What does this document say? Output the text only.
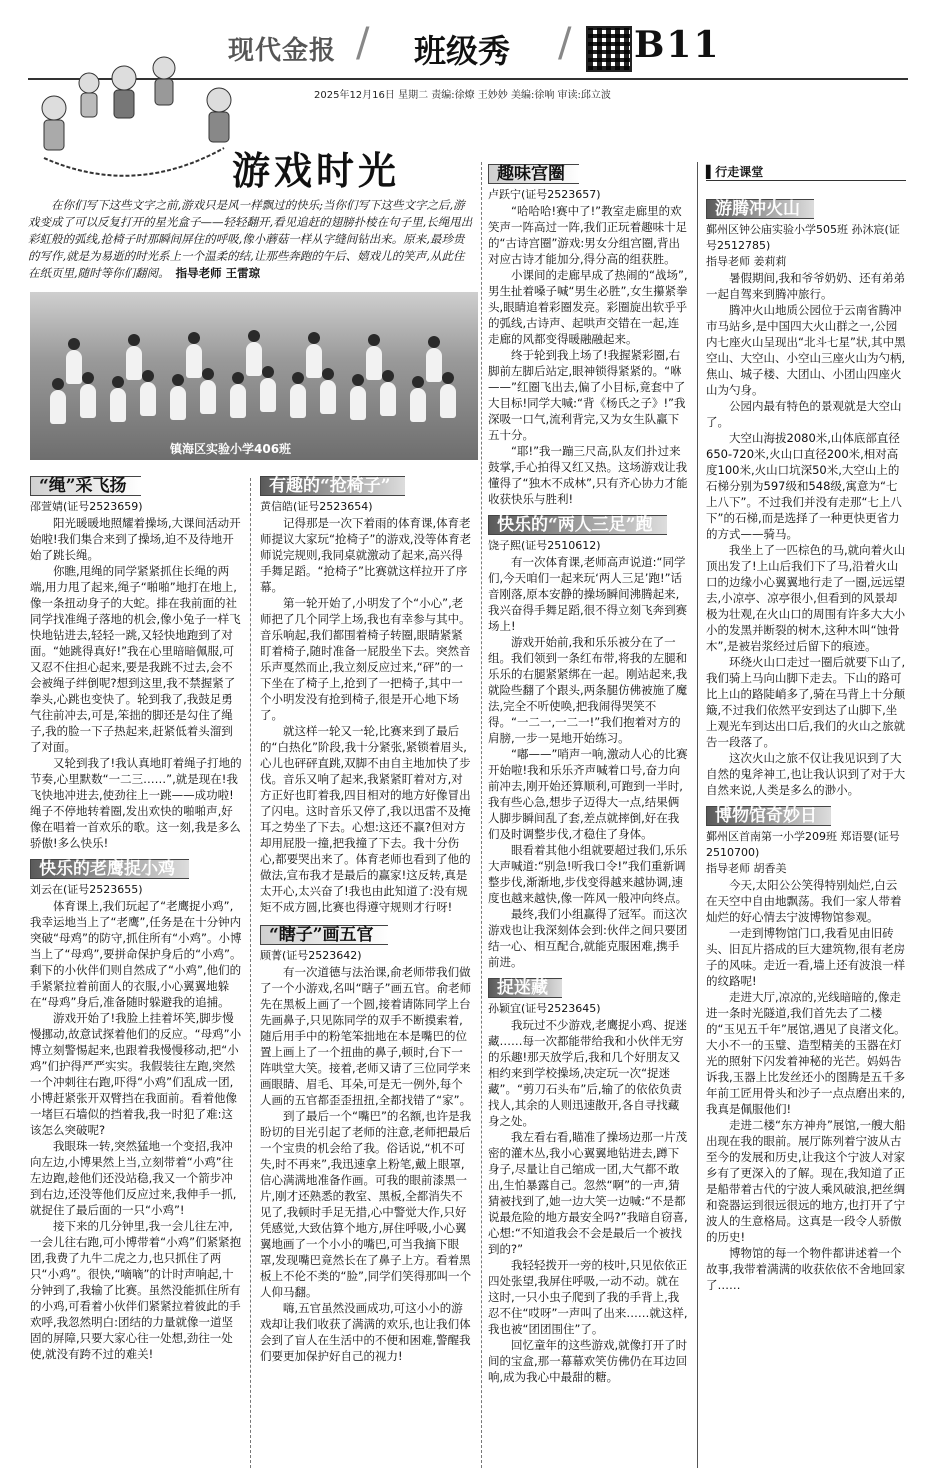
现代金报 / 班级秀 / B11
2025年12月16日 星期二 责编:徐燎 王妙妙 美编:徐响 审读:邱立波
游戏时光
在你们写下这些文字之前,游戏只是风一样飘过的快乐;当你们写下这些文字之后,游戏变成了可以反复打开的星光盒子——轻轻翻开,看见追赶的翅膀扑棱在句子里,长绳甩出彩虹般的弧线,抢椅子时那瞬间屏住的呼吸,像小蘑菇一样从字缝间钻出来。原来,最珍贵的写作,就是为易逝的时光系上一个温柔的结,让那些奔跑的午后、嬉戏儿的笑声,从此住在纸页里,随时等你们翻阅。 指导老师 王雷琼
镇海区实验小学406班
“绳”采飞扬

邵萱婧(证号2523659)

阳光暖暖地照耀着操场,大课间活动开始啦!我们集合来到了操场,迫不及待地开始了跳长绳。

你瞧,甩绳的同学紧紧抓住长绳的两端,用力甩了起来,绳子“啪啪”地打在地上,像一条扭动身子的大蛇。排在我前面的社同学找准绳子落地的机会,像小兔子一样飞快地钻进去,轻轻一跳,又轻快地跑到了对面。“她跳得真好!”我在心里暗暗佩服,可又忍不住担心起来,要是我跳不过去,会不会被绳子绊倒呢?想到这里,我不禁握紧了拳头,心跳也变快了。轮到我了,我鼓足勇气往前冲去,可是,笨拙的脚还是勾住了绳子,我的脸一下子热起来,赶紧低着头溜到了对面。

又轮到我了!我认真地盯着绳子打地的节奏,心里默数“一二三……”,就是现在!我飞快地冲进去,使劲往上一跳——成功啦!绳子不停地转着圈,发出欢快的啪啪声,好像在唱着一首欢乐的歌。这一刻,我是多么骄傲!多么快乐!

快乐的老鹰捉小鸡

刘云在(证号2523655)

体育课上,我们玩起了“老鹰捉小鸡”,我幸运地当上了“老鹰”,任务是在十分钟内突破“母鸡”的防守,抓住所有“小鸡”。小博当上了“母鸡”,要拼命保护身后的“小鸡”。剩下的小伙伴们则自然成了“小鸡”,他们的手紧紧拉着前面人的衣服,小心翼翼地躲在“母鸡”身后,准备随时躲避我的追捕。

游戏开始了!我脸上挂着坏笑,脚步慢慢挪动,故意试探着他们的反应。“母鸡”小博立刻警惕起来,也跟着我慢慢移动,把“小鸡”们护得严严实实。我假装往左跑,突然一个冲刺往右跑,吓得“小鸡”们乱成一团,小博赶紧张开双臂挡在我面前。看着他像一堵巨石墙似的挡着我,我一时犯了难:这该怎么突破呢?

我眼珠一转,突然猛地一个变招,我冲向左边,小博果然上当,立刻带着“小鸡”往左边跑,趁他们还没站稳,我又一个箭步冲到右边,还没等他们反应过来,我伸手一抓,就捉住了最后面的一只“小鸡”!

接下来的几分钟里,我一会儿往左冲,一会儿往右跑,可小博带着“小鸡”们紧紧抱团,我费了九牛二虎之力,也只抓住了两只“小鸡”。很快,“嘀嘀”的计时声响起,十分钟到了,我输了比赛。虽然没能抓住所有的小鸡,可看着小伙伴们紧紧拉着彼此的手欢呼,我忽然明白:团结的力量就像一道坚固的屏障,只要大家心往一处想,劲往一处使,就没有跨不过的难关!

有趣的“抢椅子”

黄信皓(证号2523654)

记得那是一次下着雨的体育课,体育老师提议大家玩“抢椅子”的游戏,没等体育老师说完规则,我同桌就激动了起来,高兴得手舞足蹈。“抢椅子”比赛就这样拉开了序幕。

第一轮开始了,小明发了个“小心”,老师把了几个同学上场,我也有幸参与其中。音乐响起,我们都围着椅子转圈,眼睛紧紧盯着椅子,随时准备一屁股坐下去。突然音乐声戛然而止,我立刻反应过来,“砰”的一下坐在了椅子上,抢到了一把椅子,其中一个小明发没有抢到椅子,很是开心地下场了。

就这样一轮又一轮,比赛来到了最后的“白热化”阶段,我十分紧张,紧锁着眉头,心儿也砰砰直跳,双脚不由自主地加快了步伐。音乐又响了起来,我紧紧盯着对方,对方正好也盯着我,四目相对的地方好像冒出了闪电。这时音乐又停了,我以迅雷不及掩耳之势坐了下去。心想:这还不赢?但对方却用屁股一撞,把我撞了下去。我十分伤心,都要哭出来了。体育老师也看到了他的做法,宣布我才是最后的赢家!这反转,真是太开心,太兴奋了!我也由此知道了:没有规矩不成方圆,比赛也得遵守规则才行呀!

“瞎子”画五官

顾菁(证号2523642)

有一次道德与法治课,俞老师带我们做了一个小游戏,名叫“瞎子”画五官。俞老师先在黑板上画了一个圆,接着请陈同学上台先画鼻子,只见陈同学的双手不断摸索着,随后用手中的粉笔笨拙地在本是嘴巴的位置上画上了一个扭曲的鼻子,顿时,台下一阵哄堂大笑。接着,老师又请了三位同学来画眼睛、眉毛、耳朵,可是无一例外,每个人画的五官都歪歪扭扭,全都找错了“家”。

到了最后一个“嘴巴”的名额,也许是我盼切的目光引起了老师的注意,老师把最后一个宝贵的机会给了我。俗话说,“机不可失,时不再来”,我迅速拿上粉笔,戴上眼罩,信心满满地准备作画。可我的眼前漆黑一片,刚才还熟悉的教室、黑板,全都消失不见了,我顿时手足无措,心中警觉大作,只好凭感觉,大致估算个地方,屏住呼吸,小心翼翼地画了一个小小的嘴巴,可当我摘下眼罩,发现嘴巴竟然长在了鼻子上方。看着黑板上不伦不类的“脸”,同学们笑得那叫一个人仰马翻。

嗨,五官虽然没画成功,可这小小的游戏却让我们收获了满满的欢乐,也让我们体会到了盲人在生活中的不便和困难,警醒我们要更加保护好自己的视力!

趣味宫圈

卢跃宁(证号2523657)

“哈哈哈!赛中了!”教室走廊里的欢笑声一阵高过一阵,我们正玩着趣味十足的“古诗宫圈”游戏:男女分组宫圈,背出对应古诗才能加分,得分高的组获胜。

小课间的走廊早成了热闹的“战场”,男生扯着嗓子喊“男生必胜”,女生攥紧拳头,眼睛追着彩圈发亮。彩圈旋出软乎乎的弧线,古诗声、起哄声交错在一起,连走廊的风都变得暖融融起来。

终于轮到我上场了!我握紧彩圈,右脚前左脚后站定,眼神锁得紧紧的。“咻——”红圈飞出去,偏了小目标,竟套中了大目标!同学大喊:“背《杨氏之子》!”我深吸一口气,流利背完,又为女生队赢下五十分。

“耶!”我一蹦三尺高,队友们扑过来鼓掌,手心拍得又红又热。这场游戏让我懂得了“独木不成林”,只有齐心协力才能收获快乐与胜利!

快乐的“两人三足”跑

饶子熙(证号2510612)

有一次体育课,老师高声说道:“同学们,今天咱们一起来玩‘两人三足’跑!”话音刚落,原本安静的操场瞬间沸腾起来,我兴奋得手舞足蹈,很不得立刻飞奔到赛场上!

游戏开始前,我和乐乐被分在了一组。我们领到一条红布带,将我的左腿和乐乐的右腿紧紧绑在一起。刚站起来,我就险些翻了个跟头,两条腿仿佛被施了魔法,完全不听使唤,把我闹得哭笑不得。“一二一,一二一!”我们抱着对方的肩膀,一步一晃地开始练习。

“嘟——”哨声一响,激动人心的比赛开始啦!我和乐乐齐声喊着口号,奋力向前冲去,刚开始还算顺利,可跑到一半时,我有些心急,想步子迈得大一点,结果俩人脚步瞬间乱了套,差点就摔倒,好在我们及时调整步伐,才稳住了身体。

眼看着其他小组就要超过我们,乐乐大声喊道:“别急!听我口令!”我们重新调整步伐,渐渐地,步伐变得越来越协调,速度也越来越快,像一阵风一般冲向终点。

最终,我们小组赢得了冠军。而这次游戏也让我深刻体会到:伙伴之间只要团结一心、相互配合,就能克服困难,携手前进。

捉迷藏

孙颖宜(证号2523645)

我玩过不少游戏,老鹰捉小鸡、捉迷藏……每一次都能带给我和小伙伴无穷的乐趣!那天放学后,我和几个好朋友又相约来到学校操场,决定玩一次“捉迷藏”。“剪刀石头布”后,输了的依依负责找人,其余的人则迅速散开,各自寻找藏身之处。

我左看右看,瞄准了操场边那一片茂密的灌木丛,我小心翼翼地钻进去,蹲下身子,尽量让自己缩成一团,大气都不敢出,生怕暴露自己。忽然“啊”的一声,猜猜被找到了,她一边大笑一边喊:“不是都说最危险的地方最安全吗?”我暗自窃喜,心想:“不知道我会不会是最后一个被找到的?”

我轻轻拨开一旁的枝叶,只见依依正四处张望,我屏住呼吸,一动不动。就在这时,一只小虫子爬到了我的手背上,我忍不住“哎呀”一声叫了出来……就这样,我也被“团团围住”了。

回忆童年的这些游戏,就像打开了时间的宝盒,那一幕幕欢笑仿佛仍在耳边回响,成为我心中最甜的糖。

▌行走课堂
游腾冲火山

鄞州区钟公庙实验小学505班 孙沐宸(证号2512785)

指导老师 姜莉莉

暑假期间,我和爷爷奶奶、还有弟弟一起自驾来到腾冲旅行。

腾冲火山地质公园位于云南省腾冲市马站乡,是中国四大火山群之一,公园内七座火山呈现出“北斗七星”状,其中黑空山、大空山、小空山三座火山为勺柄,焦山、城子楼、大团山、小团山四座火山为勺身。

公园内最有特色的景观就是大空山了。

大空山海拔2080米,山体底部直径650-720米,火山口直径200米,相对高度100米,火山口坑深50米,大空山上的石梯分别为597级和548级,寓意为“七上八下”。不过我们并没有走那“七上八下”的石梯,而是选择了一种更快更省力的方式——骑马。

我坐上了一匹棕色的马,就向着火山顶出发了!上山后我们下了马,沿着火山口的边缘小心翼翼地行走了一圈,远远望去,小凉亭、凉亭很小,但看到的风景却极为壮观,在火山口的周围有许多大大小小的发黑并断裂的树木,这种木叫“蚀骨木”,是被岩浆经过后留下的痕迹。

环绕火山口走过一圈后就要下山了,我们骑上马向山脚下走去。下山的路可比上山的路陡峭多了,骑在马背上十分颠簸,不过我们依然平安到达了山脚下,坐上观光车到达出口后,我们的火山之旅就告一段落了。

这次火山之旅不仅让我见识到了大自然的鬼斧神工,也让我认识到了对于大自然来说,人类是多么的渺小。

博物馆奇妙日

鄞州区首南第一小学209班 郑语婴(证号2510700)

指导老师 胡香美

今天,太阳公公笑得特别灿烂,白云在天空中自由地飘荡。我们一家人带着灿烂的好心情去宁波博物馆参观。

一走到博物馆门口,我看见由旧砖头、旧瓦片搭成的巨大建筑物,很有老房子的风味。走近一看,墙上还有波浪一样的纹路呢!

走进大厅,凉凉的,光线暗暗的,像走进一条时光隧道,我们首先去了二楼的“玉见五千年”展馆,遇见了良渚文化。大小不一的玉璧、造型精美的玉器在灯光的照射下闪发着神秘的光芒。妈妈告诉我,玉器上比发丝还小的图腾是五千多年前工匠用骨头和沙子一点点磨出来的,我真是佩服他们!

走进二楼“东方神舟”展馆,一艘大船出现在我的眼前。展厅陈列着宁波从古至今的发展和历史,让我这个宁波人对家乡有了更深入的了解。现在,我知道了正是船带着古代的宁波人乘风破浪,把丝绸和瓷器运到很远很远的地方,也打开了宁波人的生意格局。这真是一段令人骄傲的历史!

博物馆的每一个物件都讲述着一个故事,我带着满满的收获依依不舍地回家了……
